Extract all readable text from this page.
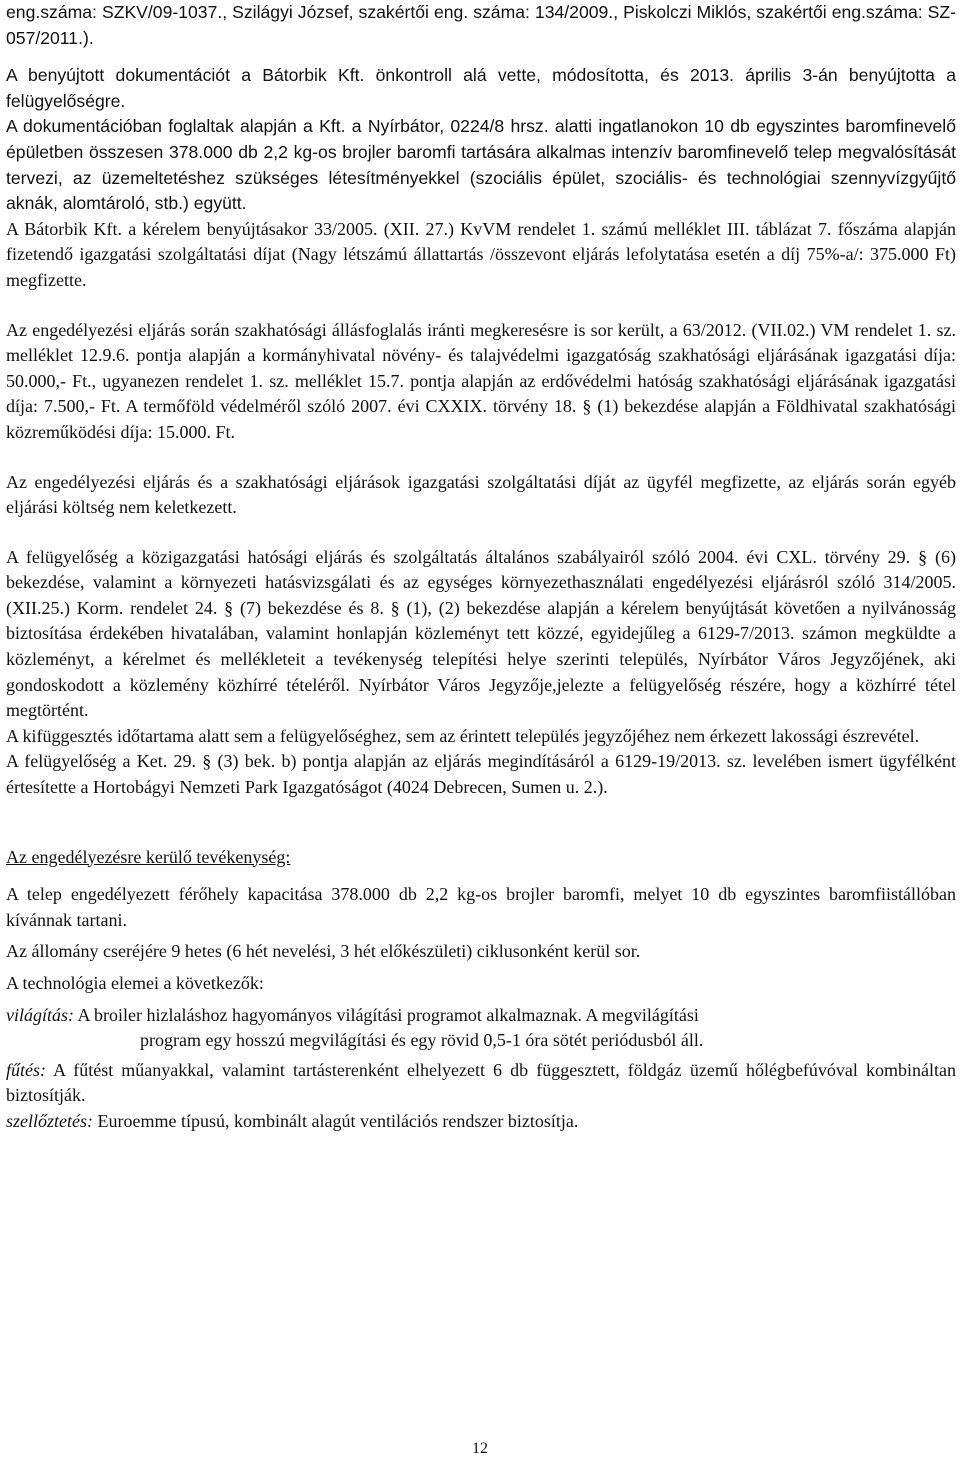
eng.száma: SZKV/09-1037., Szilágyi József, szakértői eng. száma: 134/2009., Piskolczi Miklós, szakértői eng.száma: SZ-057/2011.).

A benyújtott dokumentációt a Bátorbik Kft. önkontroll alá vette, módosította, és 2013. április 3-án benyújtotta a felügyelőségre.

A dokumentációban foglaltak alapján a Kft. a Nyírbátor, 0224/8 hrsz. alatti ingatlanokon 10 db egyszintes baromfinevelő épületben összesen 378.000 db 2,2 kg-os brojler baromfi tartására alkalmas intenzív baromfinevelő telep megvalósítását tervezi, az üzemeltetéshez szükséges létesítményekkel (szociális épület, szociális- és technológiai szennyvízgyűjtő aknák, alomtároló, stb.) együtt.

A Bátorbik Kft. a kérelem benyújtásakor 33/2005. (XII. 27.) KvVM rendelet 1. számú melléklet III. táblázat 7. főszáma alapján fizetendő igazgatási szolgáltatási díjat (Nagy létszámú állattartás /összevont eljárás lefolytatása esetén a díj 75%-a/: 375.000 Ft) megfizette.

Az engedélyezési eljárás során szakhatósági állásfoglalás iránti megkeresésre is sor került, a 63/2012. (VII.02.) VM rendelet 1. sz. melléklet 12.9.6. pontja alapján a kormányhivatal növény- és talajvédelmi igazgatóság szakhatósági eljárásának igazgatási díja: 50.000,- Ft., ugyanezen rendelet 1. sz. melléklet 15.7. pontja alapján az erdővédelmi hatóság szakhatósági eljárásának igazgatási díja: 7.500,- Ft. A termőföld védelméről szóló 2007. évi CXXIX. törvény 18. § (1) bekezdése alapján a Földhivatal szakhatósági közreműködési díja: 15.000. Ft.

Az engedélyezési eljárás és a szakhatósági eljárások igazgatási szolgáltatási díját az ügyfél megfizette, az eljárás során egyéb eljárási költség nem keletkezett.

A felügyelőség a közigazgatási hatósági eljárás és szolgáltatás általános szabályairól szóló 2004. évi CXL. törvény 29. § (6) bekezdése, valamint a környezeti hatásvizsgálati és az egységes környezethasználati engedélyezési eljárásról szóló 314/2005. (XII.25.) Korm. rendelet 24. § (7) bekezdése és 8. § (1), (2) bekezdése alapján a kérelem benyújtását követően a nyilvánosság biztosítása érdekében hivatalában, valamint honlapján közleményt tett közzé, egyidejűleg a 6129-7/2013. számon megküldte a közleményt, a kérelmet és mellékleteit a tevékenység telepítési helye szerinti település, Nyírbátor Város Jegyzőjének, aki gondoskodott a közlemény közhírré tételéről. Nyírbátor Város Jegyzője,jelezte a felügyelőség részére, hogy a közhírré tétel megtörtént.

A kifüggesztés időtartama alatt sem a felügyelőséghez, sem az érintett település jegyzőjéhez nem érkezett lakossági észrevétel.

A felügyelőség a Ket. 29. § (3) bek. b) pontja alapján az eljárás megindításáról a 6129-19/2013. sz. levelében ismert ügyfélként értesítette a Hortobágyi Nemzeti Park Igazgatóságot (4024 Debrecen, Sumen u. 2.).

Az engedélyezésre kerülő tevékenység:

A telep engedélyezett férőhely kapacitása 378.000 db 2,2 kg-os brojler baromfi, melyet 10 db egyszintes baromfiistállóban kívánnak tartani.

Az állomány cseréjére 9 hetes (6 hét nevelési, 3 hét előkészületi) ciklusonként kerül sor.

A technológia elemei a következők:

világítás: A broiler hizlaláshoz hagyományos világítási programot alkalmaznak. A megvilágítási

program egy hosszú megvilágítási és egy rövid 0,5-1 óra sötét periódusból áll.

fűtés: A fűtést műanyakkal, valamint tartásterenként elhelyezett 6 db függesztett, földgáz üzemű hőlégbefúvóval kombináltan biztosítják.

szellőztetés: Euroemme típusú, kombinált alagút ventilációs rendszer biztosítja.

12
